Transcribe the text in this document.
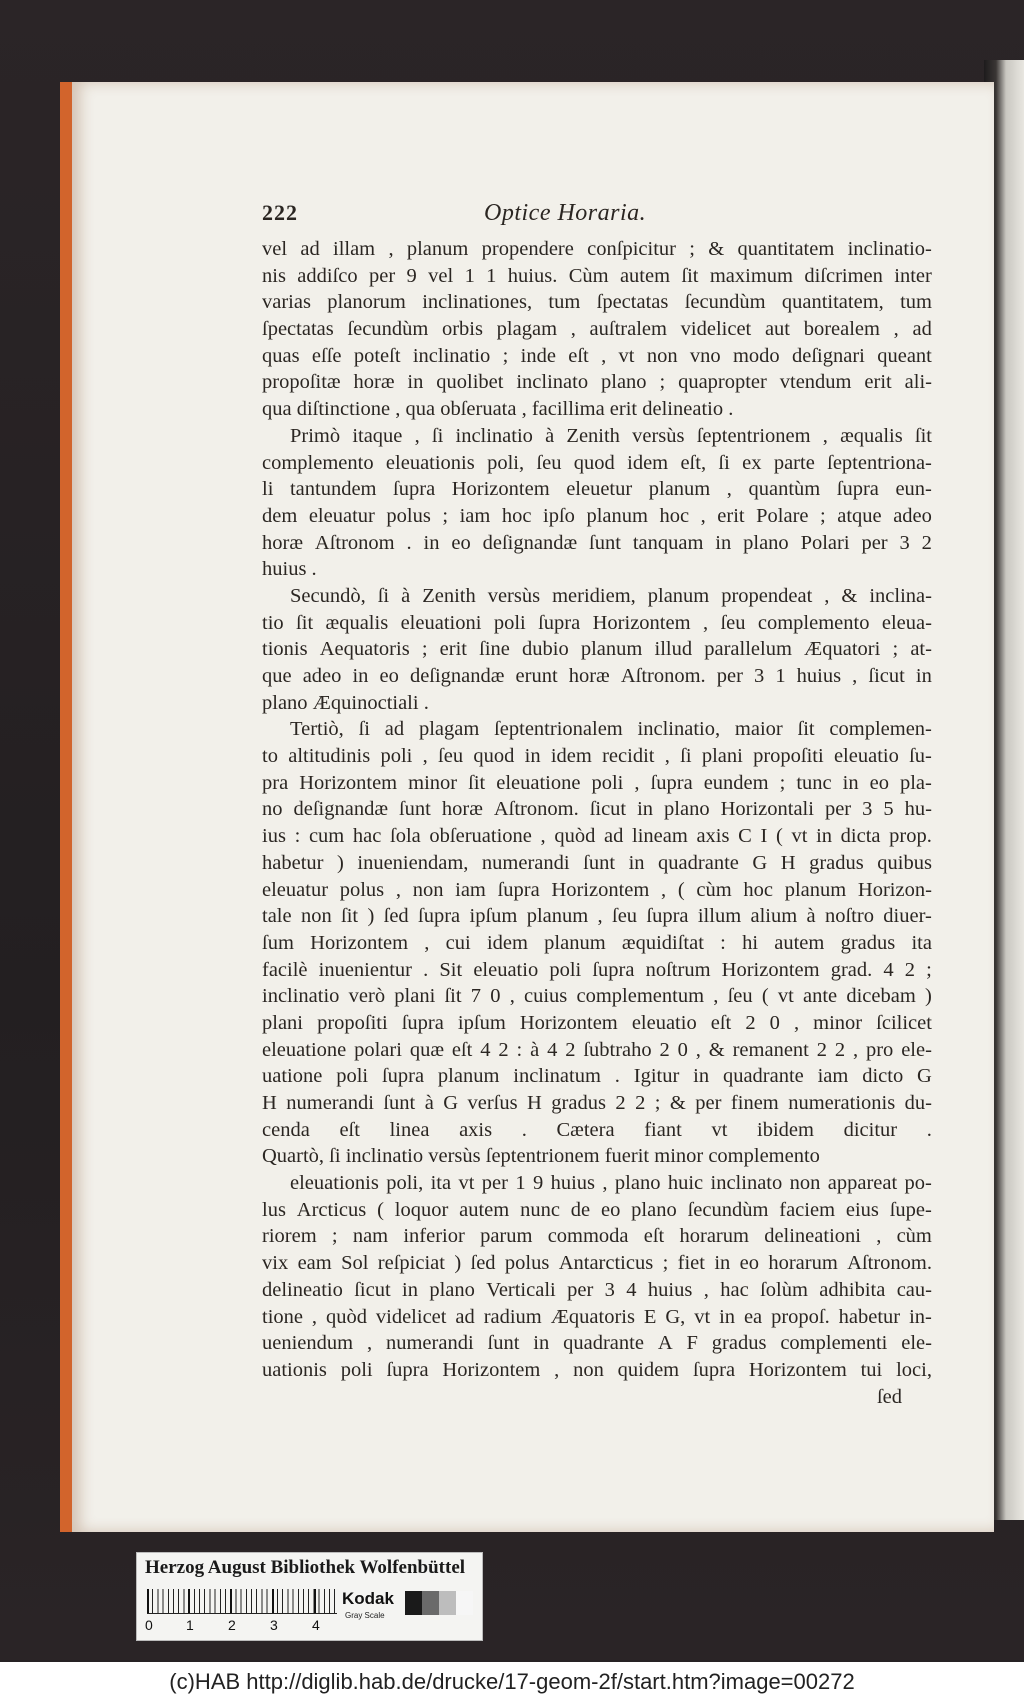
222	Optice Horaria.
vel ad illam , planum propendere conſpicitur ; & quantitatem inclinatio-
nis addiſco per 9 vel 1 1 huius. Cùm autem ſit maximum diſcrimen inter
varias planorum inclinationes, tum ſpectatas ſecundùm quantitatem, tum
ſpectatas ſecundùm orbis plagam , auſtralem videlicet aut borealem , ad
quas eſſe poteſt inclinatio ; inde eſt , vt non vno modo deſignari queant
propoſitæ horæ in quolibet inclinato plano ; quapropter vtendum erit ali-
qua diſtinctione , qua obſeruata , facillima erit delineatio .
Primò itaque , ſi inclinatio à Zenith versùs ſeptentrionem , æqualis ſit
complemento eleuationis poli, ſeu quod idem eſt, ſi ex parte ſeptentriona-
li tantundem ſupra Horizontem eleuetur planum , quantùm ſupra eun-
dem eleuatur polus ; iam hoc ipſo planum hoc , erit Polare ; atque adeo
horæ Aſtronom . in eo deſignandæ ſunt tanquam in plano Polari per 3 2
huius .
Secundò, ſi à Zenith versùs meridiem, planum propendeat , & inclina-
tio ſit æqualis eleuationi poli ſupra Horizontem , ſeu complemento eleua-
tionis Aequatoris ; erit ſine dubio planum illud parallelum Æquatori ; at-
que adeo in eo deſignandæ erunt horæ Aſtronom. per 3 1 huius , ſicut in
plano Æquinoctiali .
Tertiò, ſi ad plagam ſeptentrionalem inclinatio, maior ſit complemen-
to altitudinis poli , ſeu quod in idem recidit , ſi plani propoſiti eleuatio ſu-
pra Horizontem minor ſit eleuatione poli , ſupra eundem ; tunc in eo pla-
no deſignandæ ſunt horæ Aſtronom. ſicut in plano Horizontali per 3 5 hu-
ius : cum hac ſola obſeruatione , quòd ad lineam axis C I ( vt in dicta prop.
habetur ) inueniendam, numerandi ſunt in quadrante G H gradus quibus
eleuatur polus , non iam ſupra Horizontem , ( cùm hoc planum Horizon-
tale non ſit ) ſed ſupra ipſum planum , ſeu ſupra illum alium à noſtro diuer-
ſum Horizontem , cui idem planum æquidiſtat : hi autem gradus ita
facilè inuenientur . Sit eleuatio poli ſupra noſtrum Horizontem grad. 4 2 ;
inclinatio verò plani ſit 7 0 , cuius complementum , ſeu ( vt ante dicebam )
plani propoſiti ſupra ipſum Horizontem eleuatio eſt 2 0 , minor ſcilicet
eleuatione polari quæ eſt 4 2 : à 4 2 ſubtraho 2 0 , & remanent 2 2 , pro ele-
uatione poli ſupra planum inclinatum . Igitur in quadrante iam dicto G
H numerandi ſunt à G verſus H gradus 2 2 ; & per finem numerationis du-
cenda eſt linea axis . Cætera fiant vt ibidem dicitur .
Quartò, ſi inclinatio versùs ſeptentrionem fuerit minor complemento
eleuationis poli, ita vt per 1 9 huius , plano huic inclinato non appareat po-
lus Arcticus ( loquor autem nunc de eo plano ſecundùm faciem eius ſupe-
riorem ; nam inferior parum commoda eſt horarum delineationi , cùm
vix eam Sol reſpiciat ) ſed polus Antarcticus ; fiet in eo horarum Aſtronom.
delineatio ſicut in plano Verticali per 3 4 huius , hac ſolùm adhibita cau-
tione , quòd videlicet ad radium Æquatoris E G, vt in ea propoſ. habetur in-
ueniendum , numerandi ſunt in quadrante A F gradus complementi ele-
uationis poli ſupra Horizontem , non quidem ſupra Horizontem tui loci,
ſed
Herzog August Bibliothek Wolfenbüttel
0 1 2 3 4
Kodak
Gray Scale
(c)HAB http://diglib.hab.de/drucke/17-geom-2f/start.htm?image=00272
